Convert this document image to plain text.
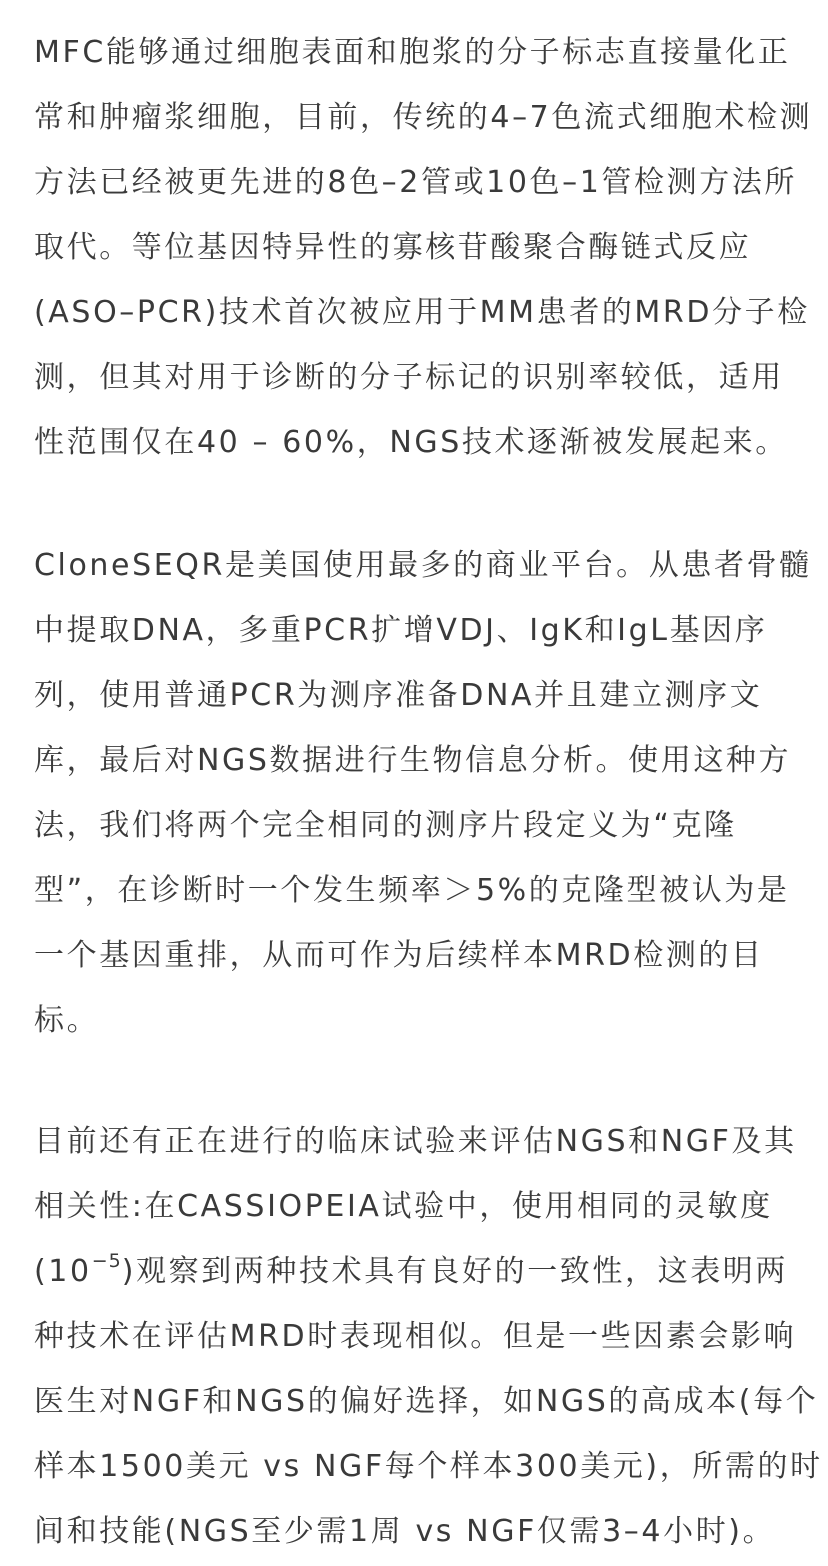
MFC能够通过细胞表面和胞浆的分子标志直接量化正
常和肿瘤浆细胞，目前，传统的4–7色流式细胞术检测
方法已经被更先进的8色–2管或10色–1管检测方法所
取代。等位基因特异性的寡核苷酸聚合酶链式反应
(ASO–PCR)技术首次被应用于MM患者的MRD分子检
测，但其对用于诊断的分子标记的识别率较低，适用
性范围仅在40 – 60%，NGS技术逐渐被发展起来。

CloneSEQR是美国使用最多的商业平台。从患者骨髓
中提取DNA，多重PCR扩增VDJ、IgK和IgL基因序
列，使用普通PCR为测序准备DNA并且建立测序文
库，最后对NGS数据进行生物信息分析。使用这种方
法，我们将两个完全相同的测序片段定义为“克隆
型”，在诊断时一个发生频率＞5%的克隆型被认为是
一个基因重排，从而可作为后续样本MRD检测的目
标。

目前还有正在进行的临床试验来评估NGS和NGF及其
相关性:在CASSIOPEIA试验中，使用相同的灵敏度
$(10^{-5})$观察到两种技术具有良好的一致性，这表明两
种技术在评估MRD时表现相似。但是一些因素会影响
医生对NGF和NGS的偏好选择，如NGS的高成本(每个
样本1500美元 vs NGF每个样本300美元)，所需的时
间和技能(NGS至少需1周 vs NGF仅需3–4小时)。
